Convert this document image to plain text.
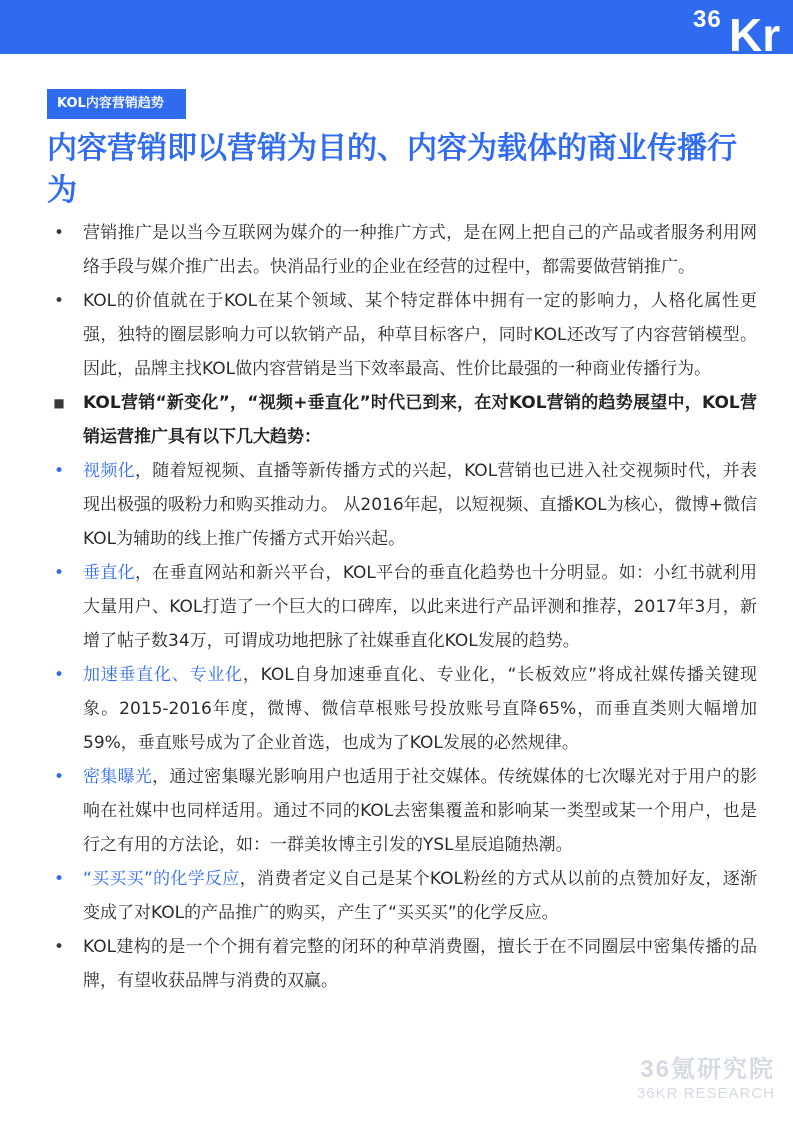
36 Kr
KOL内容营销趋势
内容营销即以营销为目的、内容为载体的商业传播行为

• 营销推广是以当今互联网为媒介的一种推广方式，是在网上把自己的产品或者服务利用网络手段与媒介推广出去。快消品行业的企业在经营的过程中，都需要做营销推广。

• KOL的价值就在于KOL在某个领域、某个特定群体中拥有一定的影响力，人格化属性更强，独特的圈层影响力可以软销产品，种草目标客户，同时KOL还改写了内容营销模型。因此，品牌主找KOL做内容营销是当下效率最高、性价比最强的一种商业传播行为。

■ KOL营销“新变化”，“视频+垂直化”时代已到来，在对KOL营销的趋势展望中，KOL营销运营推广具有以下几大趋势：

• 视频化，随着短视频、直播等新传播方式的兴起，KOL营销也已进入社交视频时代，并表现出极强的吸粉力和购买推动力。 从2016年起，以短视频、直播KOL为核心，微博+微信KOL为辅助的线上推广传播方式开始兴起。

• 垂直化，在垂直网站和新兴平台，KOL平台的垂直化趋势也十分明显。如：小红书就利用大量用户、KOL打造了一个巨大的口碑库，以此来进行产品评测和推荐，2017年3月，新增了帖子数34万，可谓成功地把脉了社媒垂直化KOL发展的趋势。

• 加速垂直化、专业化，KOL自身加速垂直化、专业化，“长板效应”将成社媒传播关键现象。2015-2016年度，微博、微信草根账号投放账号直降65%，而垂直类则大幅增加59%，垂直账号成为了企业首选，也成为了KOL发展的必然规律。

• 密集曝光，通过密集曝光影响用户也适用于社交媒体。传统媒体的七次曝光对于用户的影响在社媒中也同样适用。通过不同的KOL去密集覆盖和影响某一类型或某一个用户，也是行之有用的方法论，如：一群美妆博主引发的YSL星辰追随热潮。

• “买买买”的化学反应，消费者定义自己是某个KOL粉丝的方式从以前的点赞加好友，逐渐变成了对KOL的产品推广的购买，产生了“买买买”的化学反应。

• KOL建构的是一个个拥有着完整的闭环的种草消费圈，擅长于在不同圈层中密集传播的品牌，有望收获品牌与消费的双赢。

36氪研究院
36KR RESEARCH
